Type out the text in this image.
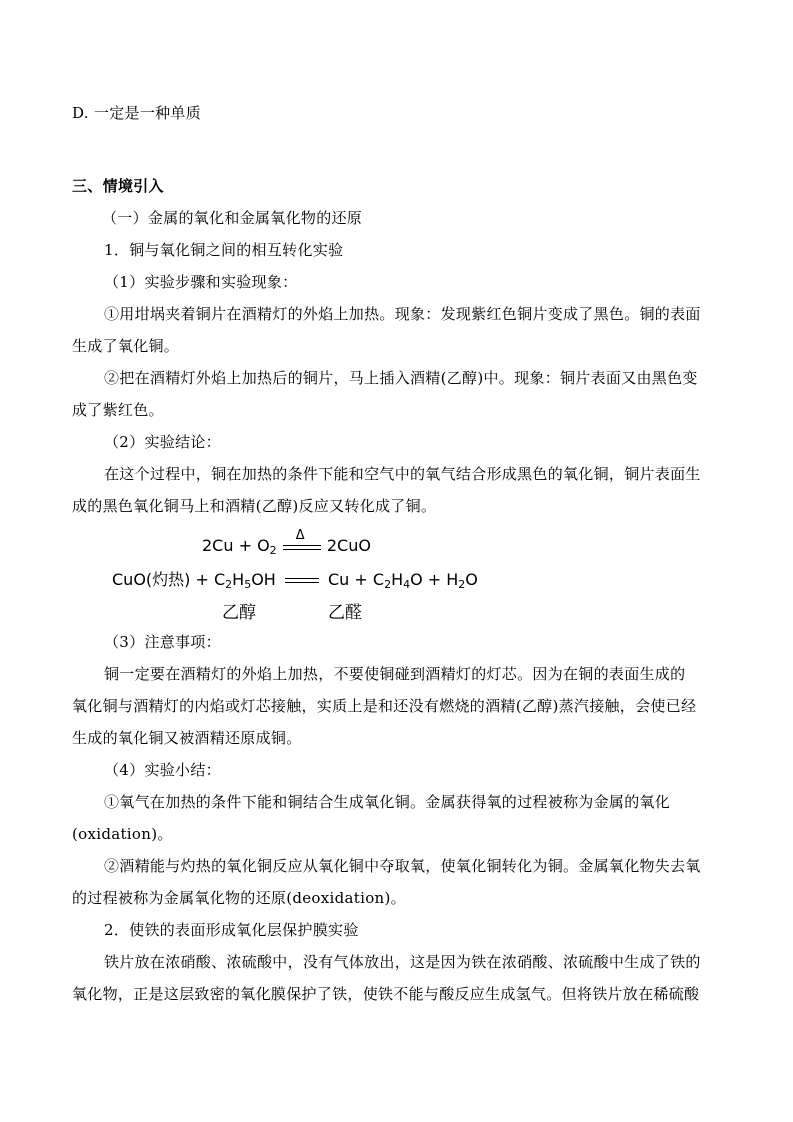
D. 一定是一种单质
三、情境引入
（一）金属的氧化和金属氧化物的还原
1．铜与氧化铜之间的相互转化实验
（1）实验步骤和实验现象：
①用坩埚夹着铜片在酒精灯的外焰上加热。现象：发现紫红色铜片变成了黑色。铜的表面
生成了氧化铜。
②把在酒精灯外焰上加热后的铜片，马上插入酒精(乙醇)中。现象：铜片表面又由黑色变
成了紫红色。
（2）实验结论：
在这个过程中，铜在加热的条件下能和空气中的氧气结合形成黑色的氧化铜，铜片表面生
成的黑色氧化铜马上和酒精(乙醇)反应又转化成了铜。
$2Cu + O_2$
Δ
2CuO
CuO(灼热) + $C_2H_5OH$	$Cu + C_2H_4O + H_2O$
乙醇	乙醛
（3）注意事项：
铜一定要在酒精灯的外焰上加热，不要使铜碰到酒精灯的灯芯。因为在铜的表面生成的
氧化铜与酒精灯的内焰或灯芯接触，实质上是和还没有燃烧的酒精(乙醇)蒸汽接触，会使已经
生成的氧化铜又被酒精还原成铜。
（4）实验小结：
①氧气在加热的条件下能和铜结合生成氧化铜。金属获得氧的过程被称为金属的氧化
(oxidation)。
②酒精能与灼热的氧化铜反应从氧化铜中夺取氧，使氧化铜转化为铜。金属氧化物失去氧
的过程被称为金属氧化物的还原(deoxidation)。
2．使铁的表面形成氧化层保护膜实验
铁片放在浓硝酸、浓硫酸中，没有气体放出，这是因为铁在浓硝酸、浓硫酸中生成了铁的
氧化物，正是这层致密的氧化膜保护了铁，使铁不能与酸反应生成氢气。但将铁片放在稀硫酸
